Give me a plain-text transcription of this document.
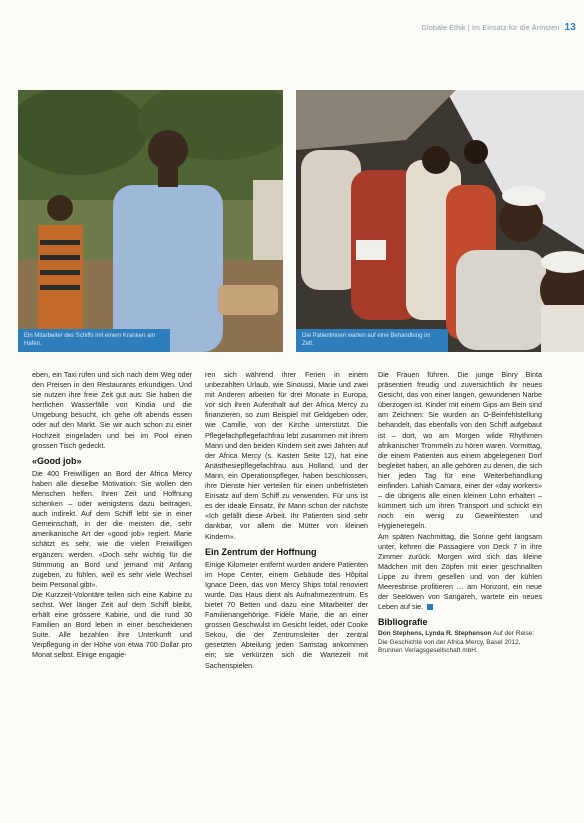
Globale Ethik | Im Einsatz für die Ärmsten 13
Ein Mitarbeiter des Schiffs mit einem Kranken am Hafen.
Die Patientinnen warten auf eine Behandlung im Zelt.

eben, ein Taxi rufen und sich nach dem Weg oder den Preisen in den Restaurants erkundigen. Und sie nutzen ihre freie Zeit gut aus: Sie haben die herrlichen Wasserfälle von Kindia und die Umgebung besucht, ich gehe oft abends essen oder auf den Markt. Sie wir auch schon zu einer Hochzeit eingeladen und bei im Pool einen grossen Tisch gedeckt.

«Good job»

Die 400 Freiwilligen an Bord der Africa Mercy haben alle dieselbe Motivation: Sie wollen den Menschen helfen. Ihren Zeit und Hoffnung schenken – oder wenigstens dazu beitragen, auch indirekt. Auf dem Schiff lebt sie in einer Gemeinschaft, in der die meisten die, sehr amerikanische Art der «good job» regiert. Marie schätzt es sehr, wie die vielen Freiwilligen ergänzen: werden. «Doch sehr wichtig für die Stimmung an Bord und jemand mit Anfang zugeben, zu fühlen, weil es sehr viele Wechsel beim Personal gibt».

Die Kurzzeit-Volontäre teilen sich eine Kabine zu sechst. Wer länger Zeit auf dem Schiff bleibt, erhält eine grössere Kabine, und die rund 30 Familien an Bord leben in einer bescheidenen Suite. Alle bezahlen ihre Unterkunft und Verpflegung in der Höhe von etwa 700 Dollar pro Monat selbst. Einige engagie-

ren sich während ihrer Ferien in einem unbezahlten Urlaub, wie Sinoussi, Marie und zwei mit Anderen arbeiten für drei Monate in Europa, vor sich ihren Aufenthalt auf der Africa Mercy zu finanzieren, so zum Beispiel mit Geldgeben oder, wie Camille, von der Kirche unterstützt. Die Pflegefachpflegefachfrau lebt zusammen mit ihrem Mann und den beiden Kindern seit zwei Jahren auf der Africa Mercy (s. Kasten Seite 12), hat eine Anästhesiepflegefachfrau aus Holland, und der Mann, ein Operationspfleger, haben beschlossen, ihre Dienste hier verteilen für einen unbefristeten Einsatz auf dem Schiff zu verwenden. Für uns ist es der ideale Einsatz, ihr Mann schon der nächste «Ich gefällt diese Arbeit. Ihr Patienten sind sehr dankbar, vor allem die Mütter von kleinen Kindern».

Ein Zentrum der Hoffnung

Einige Kilometer entfernt wurden andere Patienten im Hope Center, einem Gebäude des Hôpital Ignace Deen, das von Mercy Ships total renoviert wurde. Das Haus dient als Aufnahmezentrum. Es bietet 70 Betten und dazu eine Mitarbeiter der Familienangehörige. Fidèle Marie, die an einer grossen Geschwulst im Gesicht leidet, oder Cooke Sekou, die der Zentrumsleiter der zentral gesetzten Abteilung jeden Samstag ankommen ein; sie verkürzen sich die Wartezeit mit Sachenspielen.

Die Frauen führen. Die junge Binry Binta präsentiert freudig und zuversichtlich ihr neues Gesicht, das von einer langen, gewundenen Narbe überzogen ist. Kinder mit einem Gips am Bein sind am Zeichnen: Sie wurden an O-Beinfehlstellung behandelt, das ebenfalls von den Schiff aufgebaut ist – dort, wo am Morgen wilde Rhythmen afrikanischer Trommeln zu hören waren. Vormittag, die einem Patienten aus einem abgelegenen Dorf begleitet haben, an alle gehören zu denen, die sich hier jeden Tag für eine Weiterbehandlung einfinden. Lahiah Camara, einer der «day workers» – die übrigens alle einen kleinen Lohn erhalten – kümmert sich um ihren Transport und schickt ein noch ein wenig zu Geweihtesten und Hygieneregeln.

Am späten Nachmittag, die Sonne geht langsam unter, kehren die Passagiere von Deck 7 in ihre Zimmer zurück. Morgen wird sich das kleine Mädchen mit den Zöpfen mit einer geschnallten Lippe zu ihrem gesellen und von der kühlen Meeresbrise profitieren … am Horizont, ein neue der Seelöwen von Sangareh, wartete ein neues Leben auf sie.

Bibliografie

Don Stephens, Lynda R. Stephenson Auf der Reise: Die Geschichte von der Africa Mercy, Basel 2012, Brunnen Verlagsgesellschaft mbH.
